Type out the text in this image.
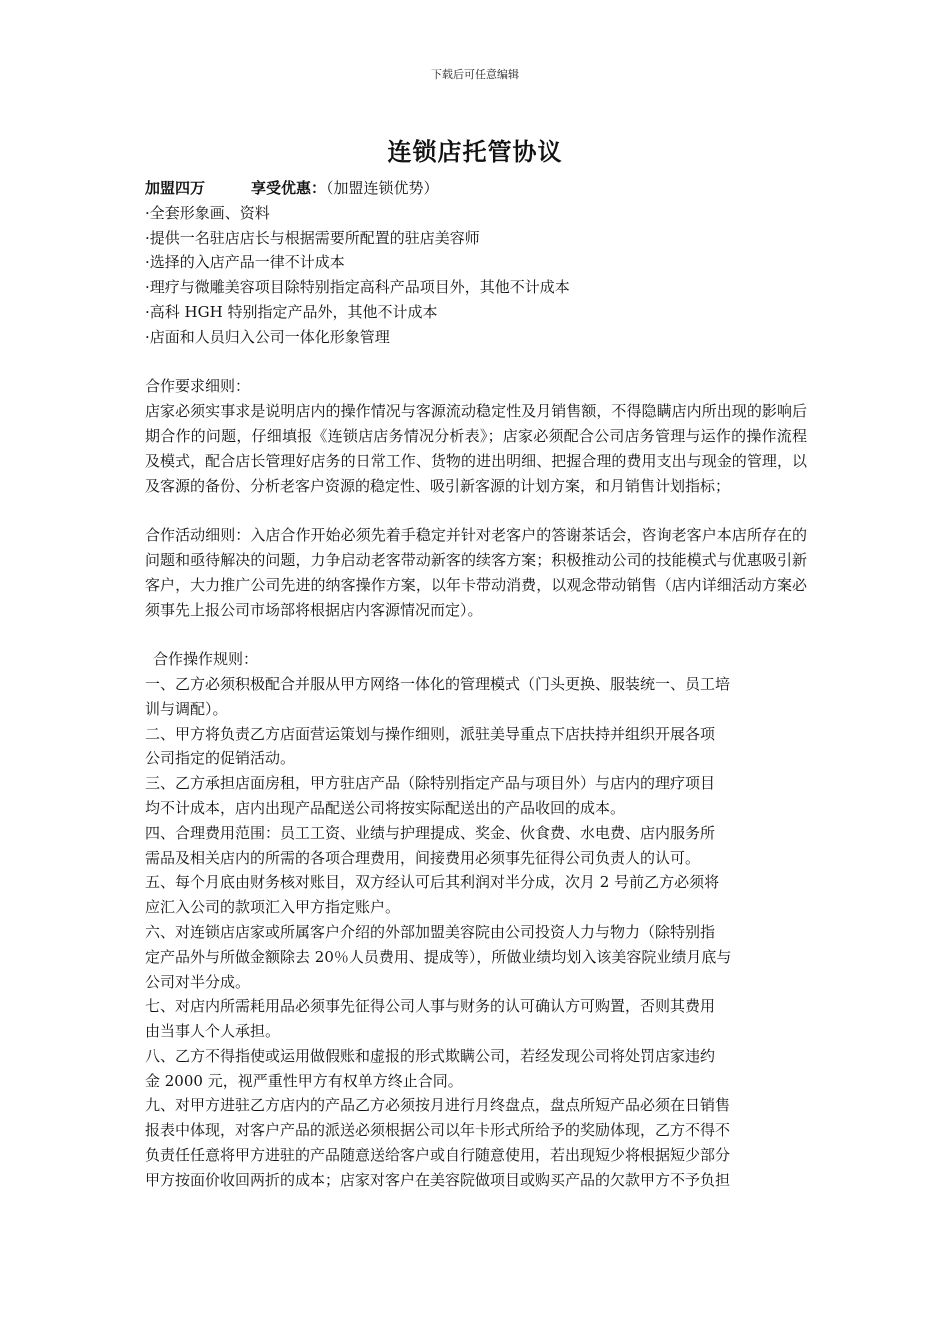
下载后可任意编辑
连锁店托管协议

加盟四万	享受优惠：（加盟连锁优势）

·全套形象画、资料

·提供一名驻店店长与根据需要所配置的驻店美容师

·选择的入店产品一律不计成本

·理疗与微雕美容项目除特别指定高科产品项目外，其他不计成本

·高科 HGH 特别指定产品外，其他不计成本

·店面和人员归入公司一体化形象管理

合作要求细则：

店家必须实事求是说明店内的操作情况与客源流动稳定性及月销售额，不得隐瞒店内所出现的影响后期合作的问题，仔细填报《连锁店店务情况分析表》；店家必须配合公司店务管理与运作的操作流程及模式，配合店长管理好店务的日常工作、货物的进出明细、把握合理的费用支出与现金的管理，以及客源的备份、分析老客户资源的稳定性、吸引新客源的计划方案，和月销售计划指标；

合作活动细则：入店合作开始必须先着手稳定并针对老客户的答谢茶话会，咨询老客户本店所存在的问题和亟待解决的问题，力争启动老客带动新客的续客方案；积极推动公司的技能模式与优惠吸引新客户，大力推广公司先进的纳客操作方案，以年卡带动消费，以观念带动销售（店内详细活动方案必须事先上报公司市场部将根据店内客源情况而定）。

合作操作规则：

一、乙方必须积极配合并服从甲方网络一体化的管理模式（门头更换、服装统一、员工培

训与调配）。

二、甲方将负责乙方店面营运策划与操作细则，派驻美导重点下店扶持并组织开展各项

公司指定的促销活动。

三、乙方承担店面房租，甲方驻店产品（除特别指定产品与项目外）与店内的理疗项目

均不计成本，店内出现产品配送公司将按实际配送出的产品收回的成本。

四、合理费用范围：员工工资、业绩与护理提成、奖金、伙食费、水电费、店内服务所

需品及相关店内的所需的各项合理费用，间接费用必须事先征得公司负责人的认可。

五、每个月底由财务核对账目，双方经认可后其利润对半分成，次月 2 号前乙方必须将

应汇入公司的款项汇入甲方指定账户。

六、对连锁店店家或所属客户介绍的外部加盟美容院由公司投资人力与物力（除特别指

定产品外与所做金额除去 20％人员费用、提成等），所做业绩均划入该美容院业绩月底与

公司对半分成。

七、对店内所需耗用品必须事先征得公司人事与财务的认可确认方可购置，否则其费用

由当事人个人承担。

八、乙方不得指使或运用做假账和虚报的形式欺瞒公司，若经发现公司将处罚店家违约

金 2000 元，视严重性甲方有权单方终止合同。

九、对甲方进驻乙方店内的产品乙方必须按月进行月终盘点，盘点所短产品必须在日销售

报表中体现，对客户产品的派送必须根据公司以年卡形式所给予的奖励体现，乙方不得不

负责任任意将甲方进驻的产品随意送给客户或自行随意使用，若出现短少将根据短少部分

甲方按面价收回两折的成本；店家对客户在美容院做项目或购买产品的欠款甲方不予负担
